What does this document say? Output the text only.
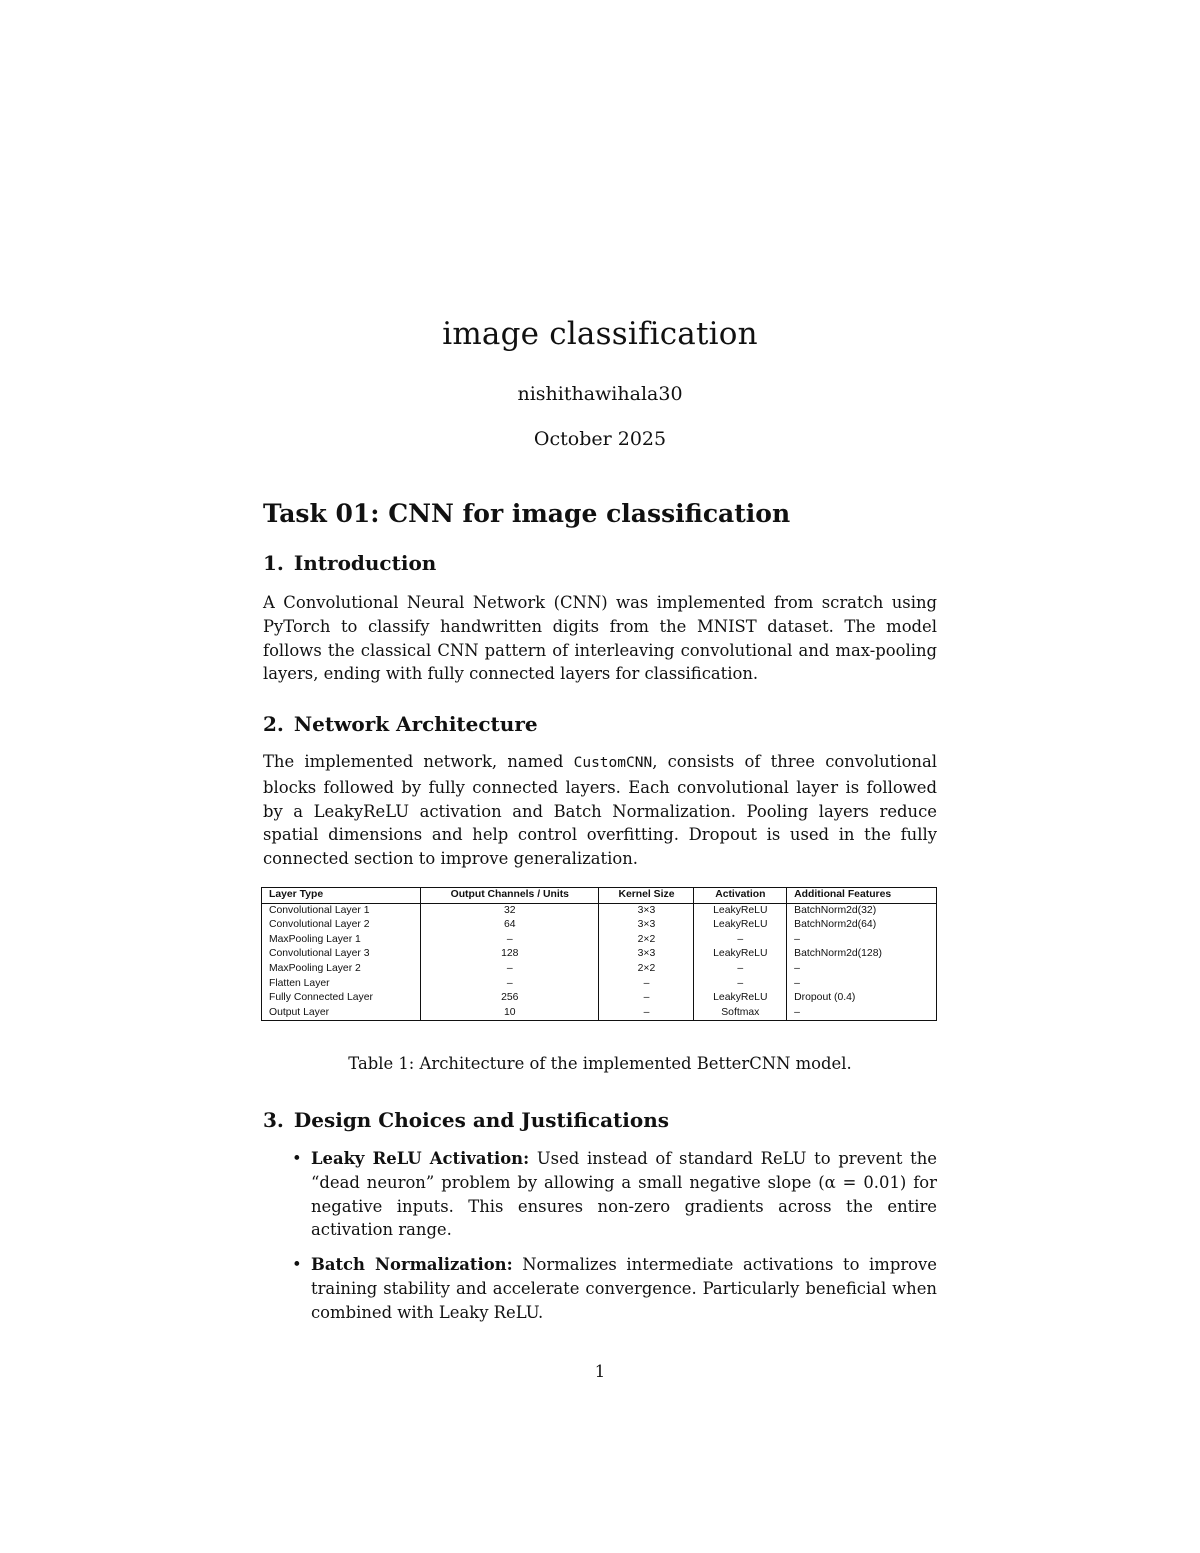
image classification
nishithawihala30
October 2025
Task 01: CNN for image classification
1. Introduction

A Convolutional Neural Network (CNN) was implemented from scratch using PyTorch to classify handwritten digits from the MNIST dataset. The model follows the classical CNN pattern of interleaving convolutional and max-pooling layers, ending with fully connected layers for classification.

2. Network Architecture

The implemented network, named CustomCNN, consists of three convolutional blocks followed by fully connected layers. Each convolutional layer is followed by a LeakyReLU activation and Batch Normalization. Pooling layers reduce spatial dimensions and help control overfitting. Dropout is used in the fully connected section to improve generalization.

Layer Type	Output Channels / Units	Kernel Size	Activation	Additional Features
Convolutional Layer 1	32	3×3	LeakyReLU	BatchNorm2d(32)
Convolutional Layer 2	64	3×3	LeakyReLU	BatchNorm2d(64)
MaxPooling Layer 1	–	2×2	–	–
Convolutional Layer 3	128	3×3	LeakyReLU	BatchNorm2d(128)
MaxPooling Layer 2	–	2×2	–	–
Flatten Layer	–	–	–	–
Fully Connected Layer	256	–	LeakyReLU	Dropout (0.4)
Output Layer	10	–	Softmax	–
Table 1: Architecture of the implemented BetterCNN model.
3. Design Choices and Justifications
• Leaky ReLU Activation: Used instead of standard ReLU to prevent the “dead neuron” problem by allowing a small negative slope (α = 0.01) for negative inputs. This ensures non-zero gradients across the entire activation range.
• Batch Normalization: Normalizes intermediate activations to improve training stability and accelerate convergence. Particularly beneficial when combined with Leaky ReLU.
1
